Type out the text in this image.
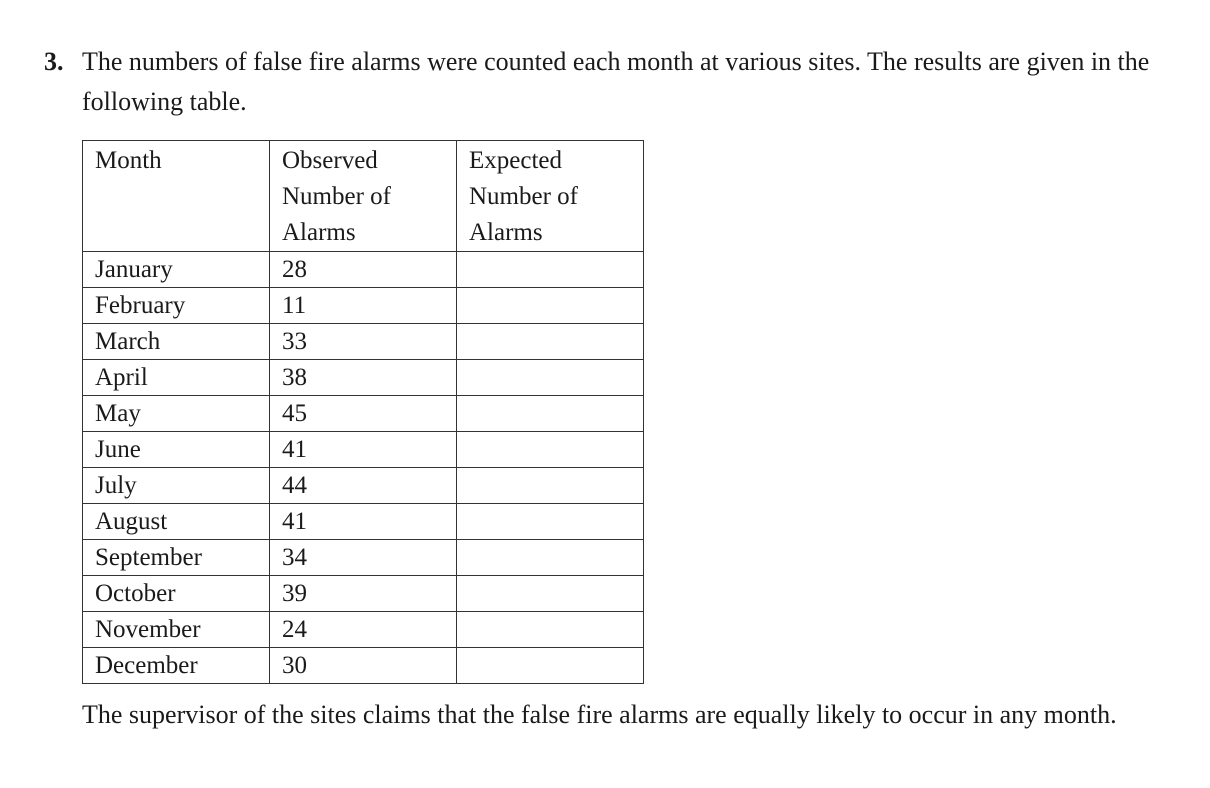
3. The numbers of false fire alarms were counted each month at various sites. The results are given in the following table.
Month	Observed Number of Alarms	Expected Number of Alarms
January	28	
February	11	
March	33	
April	38	
May	45	
June	41	
July	44	
August	41	
September	34	
October	39	
November	24	
December	30	
The supervisor of the sites claims that the false fire alarms are equally likely to occur in any month.
